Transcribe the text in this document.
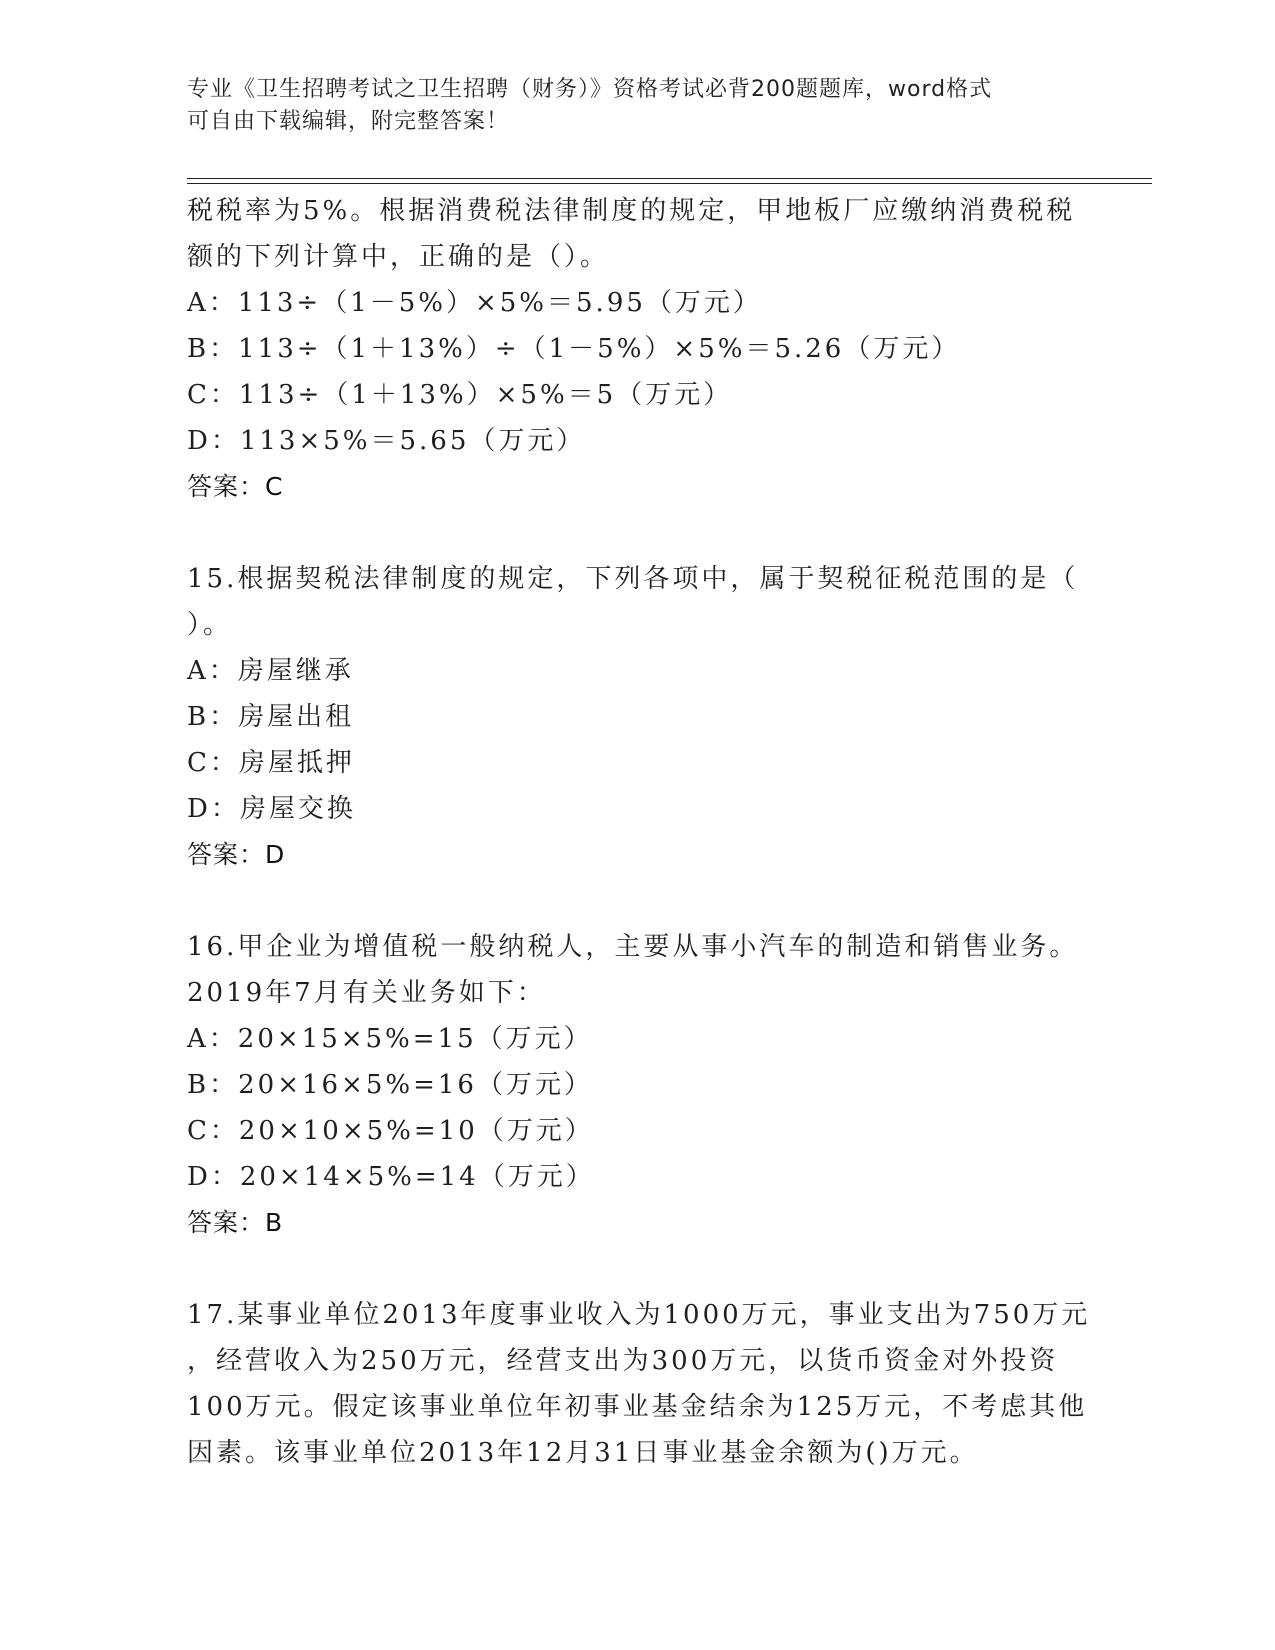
专业《卫生招聘考试之卫生招聘（财务）》资格考试必背200题题库，word格式
可自由下载编辑，附完整答案！
税税率为5%。根据消费税法律制度的规定，甲地板厂应缴纳消费税税
额的下列计算中，正确的是（）。
A：113÷（1－5%）×5%＝5.95（万元）
B：113÷（1＋13%）÷（1－5%）×5%＝5.26（万元）
C：113÷（1＋13%）×5%＝5（万元）
D：113×5%＝5.65（万元）
答案：C
15.根据契税法律制度的规定，下列各项中，属于契税征税范围的是（
）。
A：房屋继承
B：房屋出租
C：房屋抵押
D：房屋交换
答案：D
16.甲企业为增值税一般纳税人，主要从事小汽车的制造和销售业务。
2019年7月有关业务如下：
A：20×15×5%=15（万元）
B：20×16×5%=16（万元）
C：20×10×5%=10（万元）
D：20×14×5%=14（万元）
答案：B
17.某事业单位2013年度事业收入为1000万元，事业支出为750万元
，经营收入为250万元，经营支出为300万元，以货币资金对外投资
100万元。假定该事业单位年初事业基金结余为125万元，不考虑其他
因素。该事业单位2013年12月31日事业基金余额为()万元。
